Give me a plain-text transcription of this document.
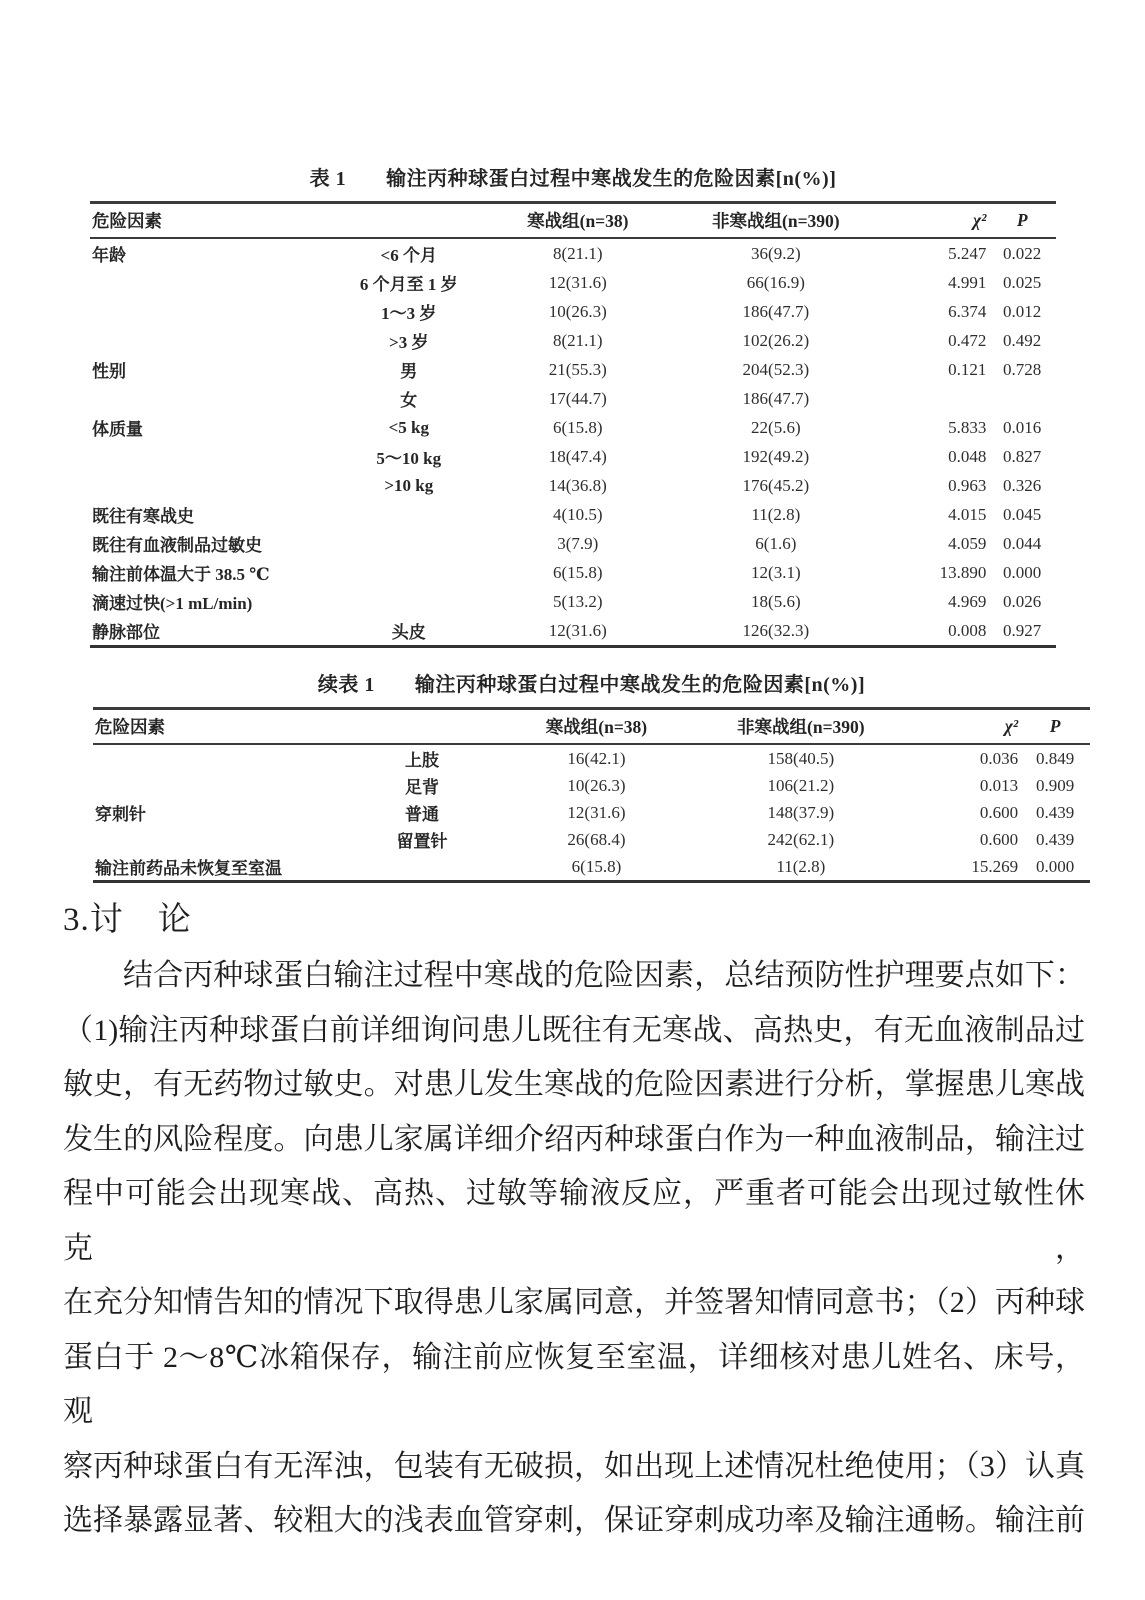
表 1 输注丙种球蛋白过程中寒战发生的危险因素[n(%)]
危险因素		寒战组(n=38)	非寒战组(n=390)	χ²	P
年龄	<6 个月	8(21.1)	36(9.2)	5.247	0.022
	6 个月至 1 岁	12(31.6)	66(16.9)	4.991	0.025
	1～3 岁	10(26.3)	186(47.7)	6.374	0.012
	>3 岁	8(21.1)	102(26.2)	0.472	0.492
性别	男	21(55.3)	204(52.3)	0.121	0.728
	女	17(44.7)	186(47.7)		
体质量	<5 kg	6(15.8)	22(5.6)	5.833	0.016
	5～10 kg	18(47.4)	192(49.2)	0.048	0.827
	>10 kg	14(36.8)	176(45.2)	0.963	0.326
既往有寒战史		4(10.5)	11(2.8)	4.015	0.045
既往有血液制品过敏史		3(7.9)	6(1.6)	4.059	0.044
输注前体温大于 38.5 ℃		6(15.8)	12(3.1)	13.890	0.000
滴速过快(>1 mL/min)		5(13.2)	18(5.6)	4.969	0.026
静脉部位	头皮	12(31.6)	126(32.3)	0.008	0.927
续表 1 输注丙种球蛋白过程中寒战发生的危险因素[n(%)]
危险因素		寒战组(n=38)	非寒战组(n=390)	χ²	P
	上肢	16(42.1)	158(40.5)	0.036	0.849
	足背	10(26.3)	106(21.2)	0.013	0.909
穿刺针	普通	12(31.6)	148(37.9)	0.600	0.439
	留置针	26(68.4)	242(62.1)	0.600	0.439
输注前药品未恢复至室温		6(15.8)	11(2.8)	15.269	0.000
3.讨　论
结合丙种球蛋白输注过程中寒战的危险因素，总结预防性护理要点如下：
（1)输注丙种球蛋白前详细询问患儿既往有无寒战、高热史，有无血液制品过
敏史，有无药物过敏史。对患儿发生寒战的危险因素进行分析，掌握患儿寒战
发生的风险程度。向患儿家属详细介绍丙种球蛋白作为一种血液制品，输注过
程中可能会出现寒战、高热、过敏等输液反应，严重者可能会出现过敏性休克，
在充分知情告知的情况下取得患儿家属同意，并签署知情同意书；（2）丙种球
蛋白于 2～8℃冰箱保存，输注前应恢复至室温，详细核对患儿姓名、床号，观
察丙种球蛋白有无浑浊，包装有无破损，如出现上述情况杜绝使用；（3）认真
选择暴露显著、较粗大的浅表血管穿刺，保证穿刺成功率及输注通畅。输注前
